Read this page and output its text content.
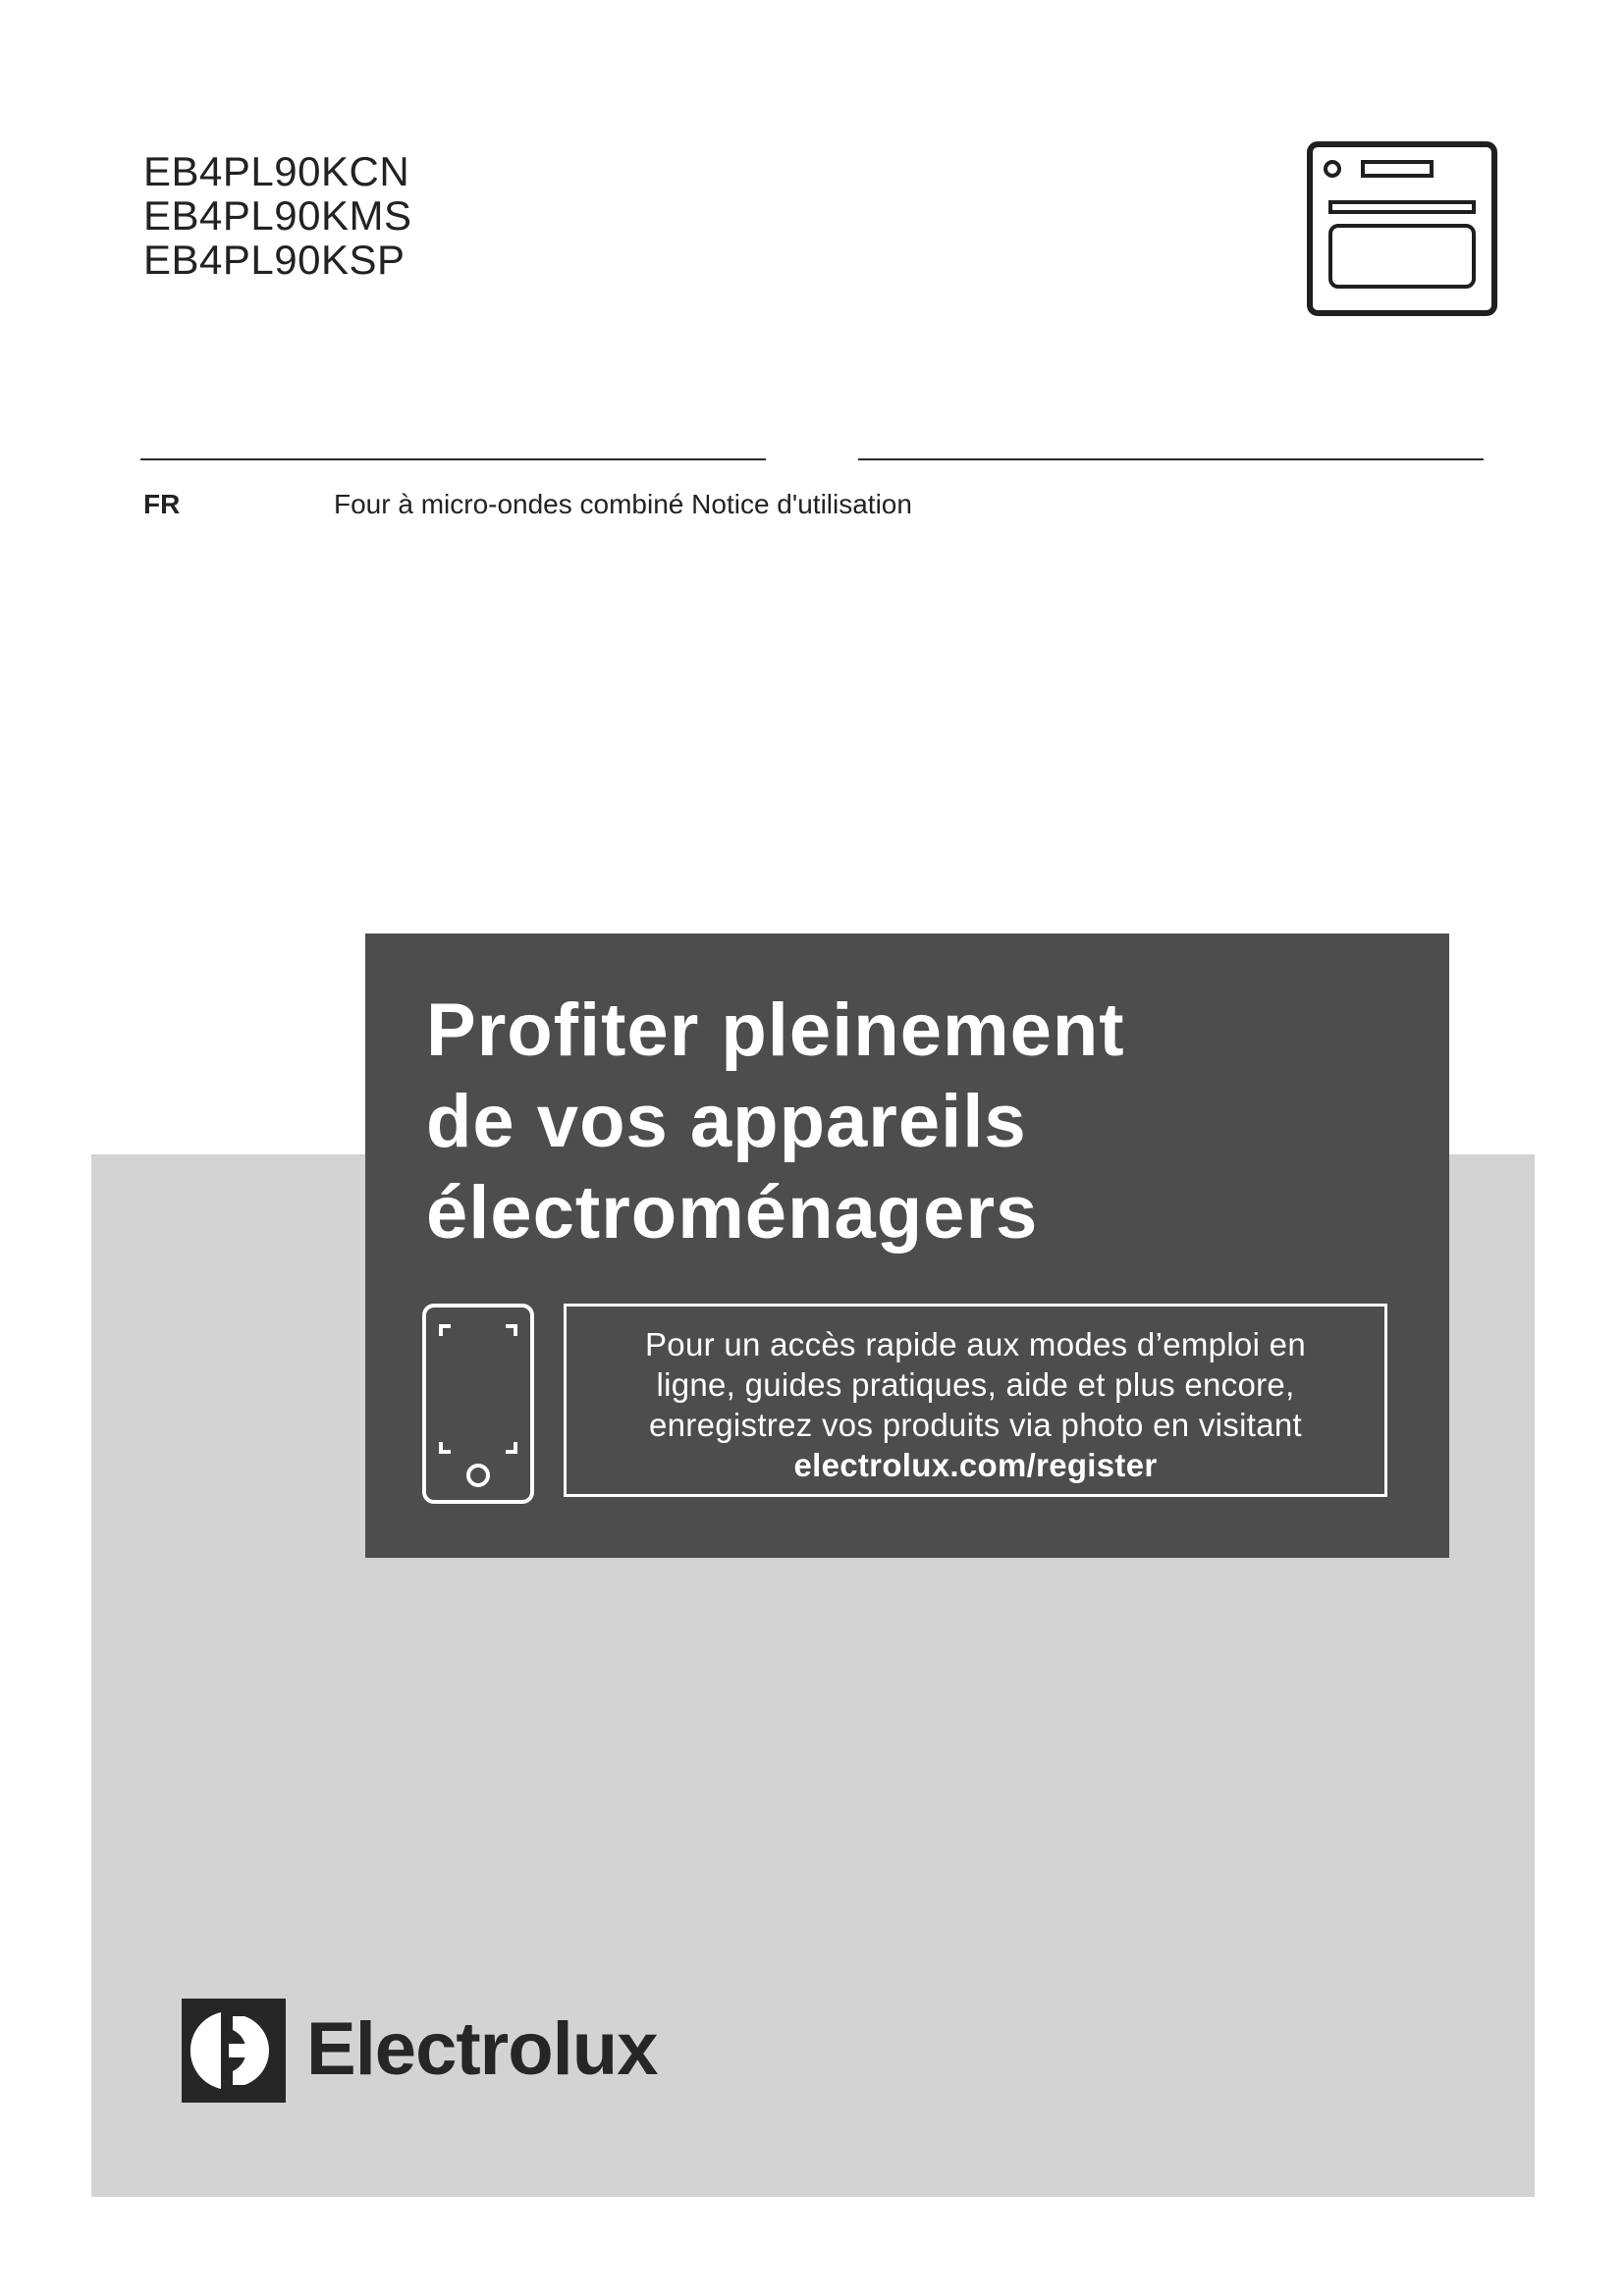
EB4PL90KCN
EB4PL90KMS
EB4PL90KSP
FR	Four à micro-ondes combiné Notice d'utilisation
Profiter pleinement
de vos appareils
électroménagers
Pour un accès rapide aux modes d’emploi en
ligne, guides pratiques, aide et plus encore,
enregistrez vos produits via photo en visitant
electrolux.com/register
Electrolux
